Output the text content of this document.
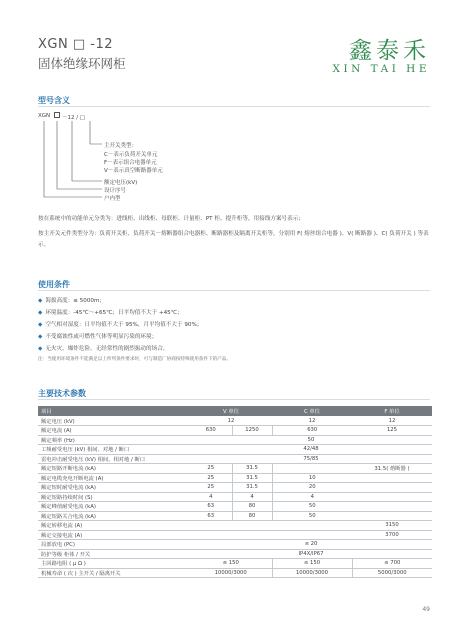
XGN □ -12
固体绝缘环网柜	鑫泰禾
XIN TAI HE
型号含义
XGN －12 / □
主开关类型：
C－表示负荷开关单元
F－表示组合电器单元
V－表示真空断路器单元
额定电压(kV)
设计序号
户内型
按在系统中的功能单元分类为：进线柜、出线柜、母联柜、计量柜、PT 柜、提升柜等，用接线方案号表示；
按主开关元件类型分为：负荷开关柜、负荷开关－熔断器组合电器柜、断路器柜及隔离开关柜等，分别用 F( 熔丝组合电器 )、V( 断路器 )、C( 负荷开关 ) 等表示。
使用条件
◆ 海拔高度：≤ 5000m；
◆ 环境温度：-45℃～+65℃；日平均值不大于 +45℃；
◆ 空气相对湿度：日平均值不大于 95%，月平均值不大于 90%；
◆ 不受腐蚀性或可燃性气体等明显污染的环境；
◆ 无火灾、爆炸危险、无经常性的剧烈振动的场合。
注：当使用环境条件不能满足以上所列条件要求时，可与制造厂协商按特殊使用条件下的产品。
主要技术参数
项目	V 单位		C 单位	F 单位
额定电压 (kV)	12		12	12
额定电流 (A)	630	1250	630	125
额定频率 (Hz)	50			
工频耐受电压 (kV) 相间、对地 / 断口	42/48			
雷电冲击耐受电压 (kV) 相间、相对地 / 断口	75/85			
额定短路开断电流 (kA)	25	31.5		31.5( 熔断器 )
额定电缆充电开断电流 (A)	25	31.5	10	
额定短时耐受电流 (kA)	25	31.5	20	
额定短路持续时间 (S)	4	4	4	
额定峰值耐受电流 (kA)	63	80	50	
额定短路关合电流 (kA)	63	80	50	
额定转移电流 (A)				3150
额定交接电流 (A)				3700
局部放电 (PC)	≤ 20			
防护等级 柜体 / 开关	IP4X/IP67			
主回路电阻 ( μ Ω )	≤ 150		≤ 150	≤ 700
机械寿命 ( 次 ) 主开关 / 隔离开关	10000/3000		10000/3000	5000/3000
49
